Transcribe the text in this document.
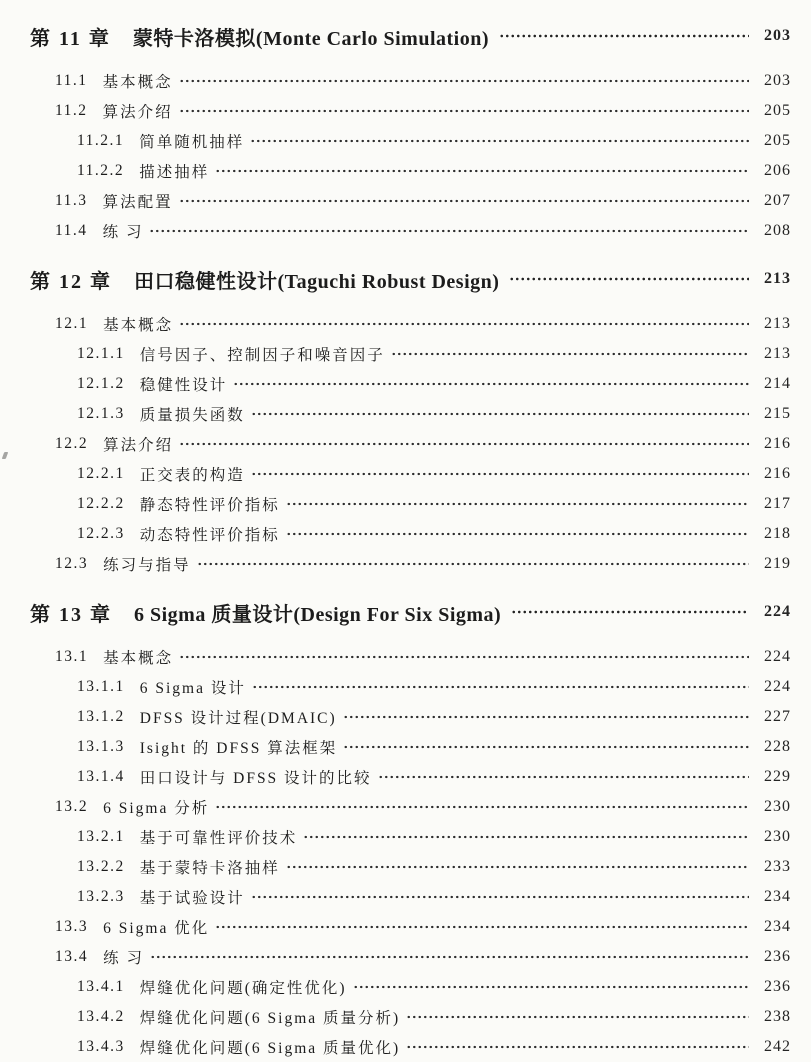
第 11 章 蒙特卡洛模拟(Monte Carlo Simulation)	203
11.1 基本概念	203
11.2 算法介绍	205
11.2.1 简单随机抽样	205
11.2.2 描述抽样	206
11.3 算法配置	207
11.4 练 习	208
第 12 章 田口稳健性设计(Taguchi Robust Design)	213
12.1 基本概念	213
12.1.1 信号因子、控制因子和噪音因子	213
12.1.2 稳健性设计	214
12.1.3 质量损失函数	215
12.2 算法介绍	216
12.2.1 正交表的构造	216
12.2.2 静态特性评价指标	217
12.2.3 动态特性评价指标	218
12.3 练习与指导	219
第 13 章 6 Sigma 质量设计(Design For Six Sigma)	224
13.1 基本概念	224
13.1.1 6 Sigma 设计	224
13.1.2 DFSS 设计过程(DMAIC)	227
13.1.3 Isight 的 DFSS 算法框架	228
13.1.4 田口设计与 DFSS 设计的比较	229
13.2 6 Sigma 分析	230
13.2.1 基于可靠性评价技术	230
13.2.2 基于蒙特卡洛抽样	233
13.2.3 基于试验设计	234
13.3 6 Sigma 优化	234
13.4 练 习	236
13.4.1 焊缝优化问题(确定性优化)	236
13.4.2 焊缝优化问题(6 Sigma 质量分析)	238
13.4.3 焊缝优化问题(6 Sigma 质量优化)	242
